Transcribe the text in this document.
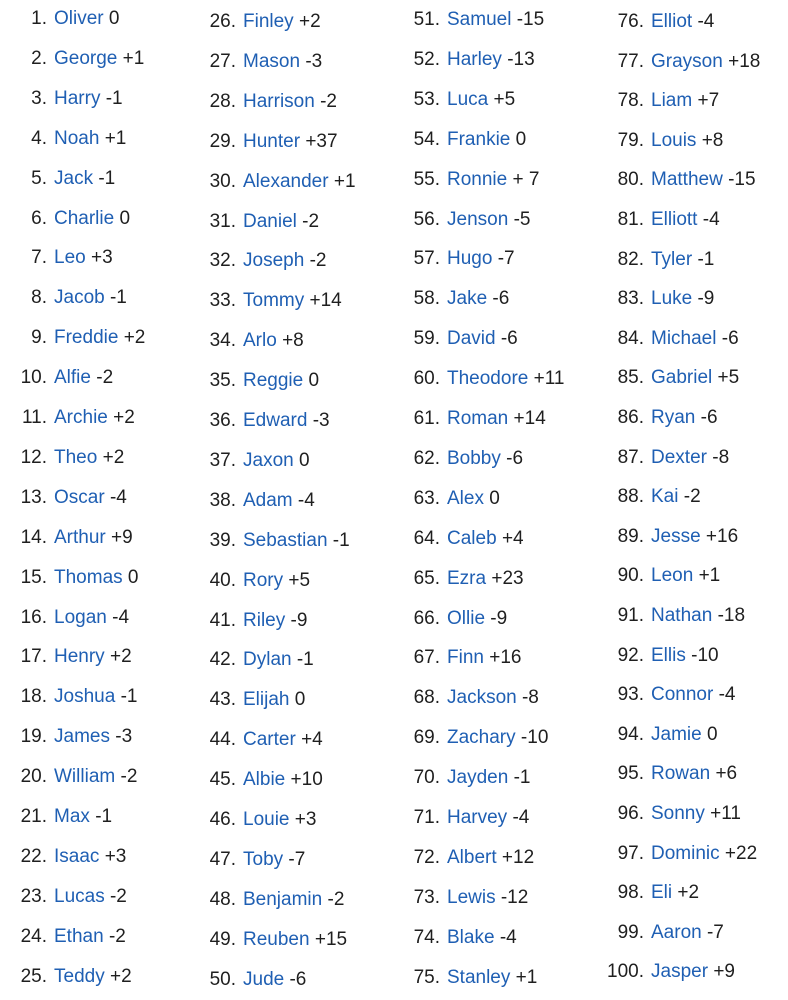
1. Oliver 0
2. George +1
3. Harry -1
4. Noah +1
5. Jack -1
6. Charlie 0
7. Leo +3
8. Jacob -1
9. Freddie +2
10. Alfie -2
11. Archie +2
12. Theo +2
13. Oscar -4
14. Arthur +9
15. Thomas 0
16. Logan -4
17. Henry +2
18. Joshua -1
19. James -3
20. William -2
21. Max -1
22. Isaac +3
23. Lucas -2
24. Ethan -2
25. Teddy +2
26. Finley +2
27. Mason -3
28. Harrison -2
29. Hunter +37
30. Alexander +1
31. Daniel -2
32. Joseph -2
33. Tommy +14
34. Arlo +8
35. Reggie 0
36. Edward -3
37. Jaxon 0
38. Adam -4
39. Sebastian -1
40. Rory +5
41. Riley -9
42. Dylan -1
43. Elijah 0
44. Carter +4
45. Albie +10
46. Louie +3
47. Toby -7
48. Benjamin -2
49. Reuben +15
50. Jude -6
51. Samuel -15
52. Harley -13
53. Luca +5
54. Frankie 0
55. Ronnie + 7
56. Jenson -5
57. Hugo -7
58. Jake -6
59. David -6
60. Theodore +11
61. Roman +14
62. Bobby -6
63. Alex 0
64. Caleb +4
65. Ezra +23
66. Ollie -9
67. Finn +16
68. Jackson -8
69. Zachary -10
70. Jayden -1
71. Harvey -4
72. Albert +12
73. Lewis -12
74. Blake -4
75. Stanley +1
76. Elliot -4
77. Grayson +18
78. Liam +7
79. Louis +8
80. Matthew -15
81. Elliott -4
82. Tyler -1
83. Luke -9
84. Michael -6
85. Gabriel +5
86. Ryan -6
87. Dexter -8
88. Kai -2
89. Jesse +16
90. Leon +1
91. Nathan -18
92. Ellis -10
93. Connor -4
94. Jamie 0
95. Rowan +6
96. Sonny +11
97. Dominic +22
98. Eli +2
99. Aaron -7
100. Jasper +9
